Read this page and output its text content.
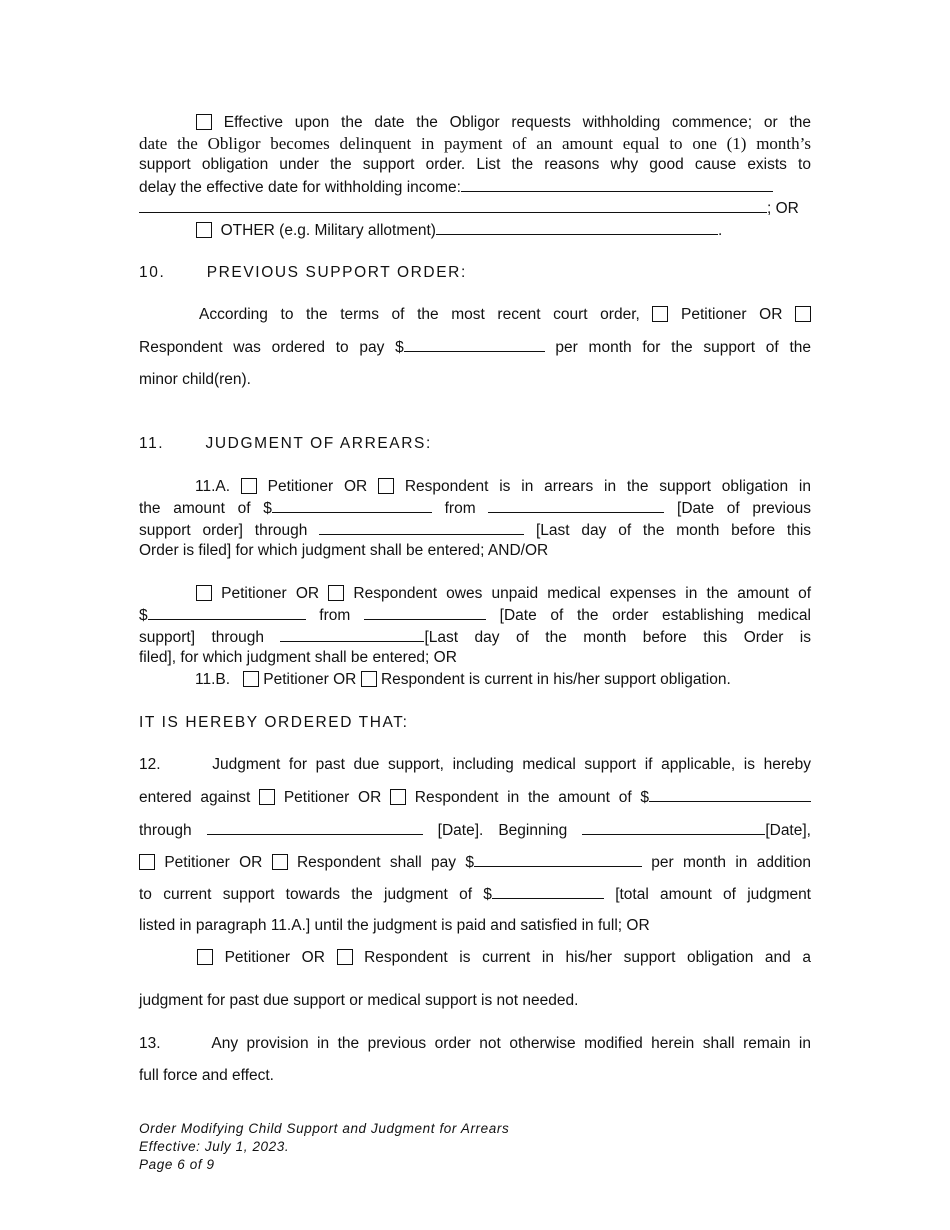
Effective upon the date the Obligor requests withholding commence; or the
date the Obligor becomes delinquent in payment of an amount equal to one (1) month’s
support obligation under the support order. List the reasons why good cause exists to
delay the effective date for withholding income:
; OR
OTHER (e.g. Military allotment)	.
10.       PREVIOUS SUPPORT ORDER:
According to the terms of the most recent court order,	Petitioner OR
Respondent was ordered to pay $	per month for the support of the
minor child(ren).
11.       JUDGMENT OF ARREARS:
11.A. Petitioner OR Respondent is in arrears in the support obligation in
the amount of $	from	[Date of previous
support order] through	[Last day of the month before this
Order is filed] for which judgment shall be entered; AND/OR
Petitioner OR Respondent owes unpaid medical expenses in the amount of
$	from	[Date of the order establishing medical
support] through	[Last day of the month before this Order is
filed], for which judgment shall be entered; OR
11.B. Petitioner OR Respondent is current in his/her support obligation.
IT IS HEREBY ORDERED THAT:
12.      Judgment for past due support, including medical support if applicable, is hereby
entered against Petitioner OR Respondent in the amount of $
through	[Date]. Beginning	[Date],
Petitioner OR Respondent shall pay $	per month in addition
to current support towards the judgment of $	[total amount of judgment
listed in paragraph 11.A.] until the judgment is paid and satisfied in full; OR
Petitioner OR	Respondent is current in his/her support obligation and a
judgment for past due support or medical support is not needed.
13.      Any provision in the previous order not otherwise modified herein shall remain in
full force and effect.
Order Modifying Child Support and Judgment for Arrears
Effective: July 1, 2023.
Page 6 of 9
